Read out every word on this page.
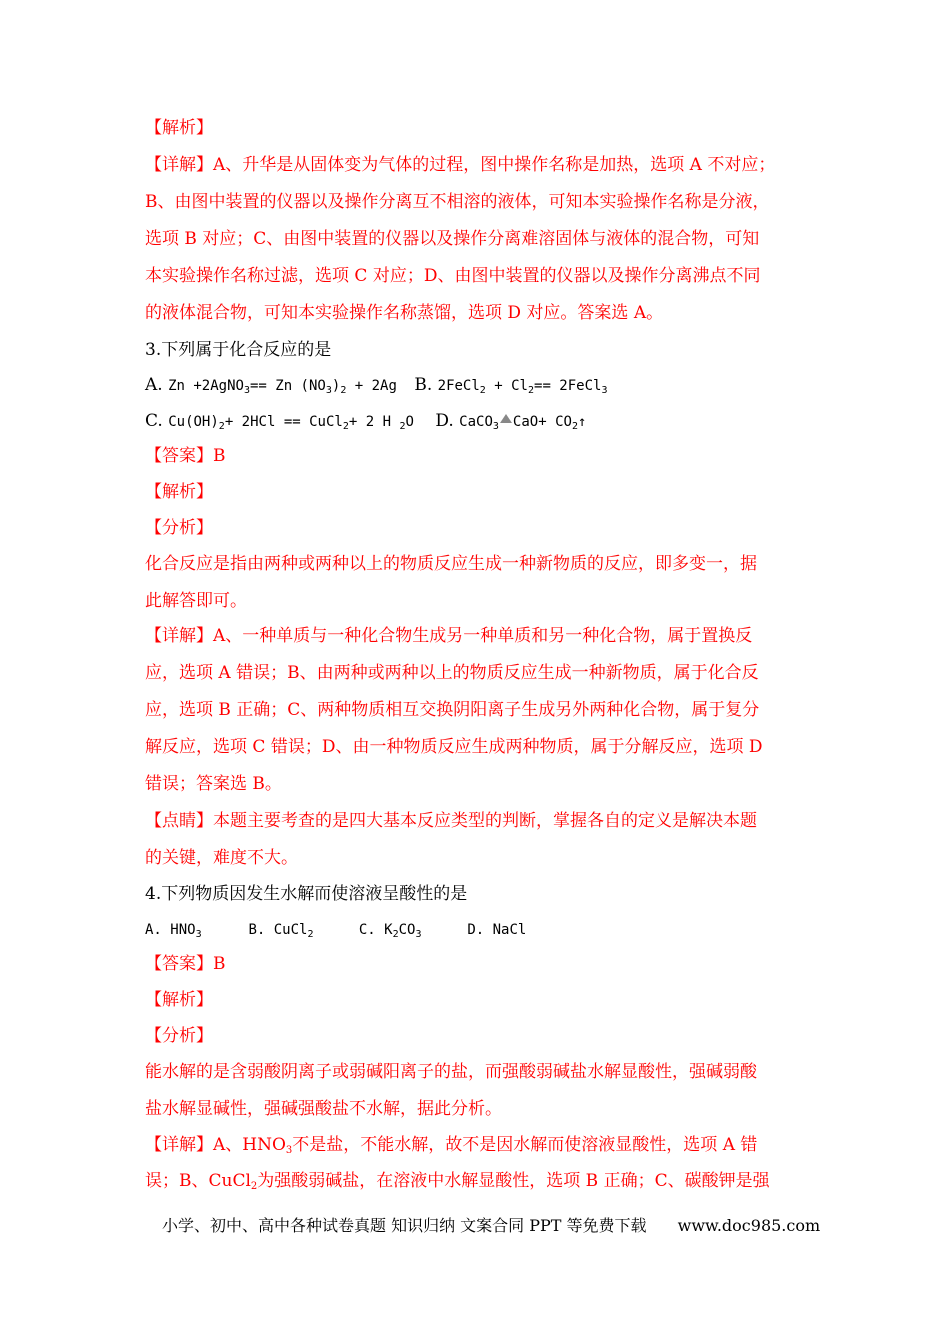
【解析】
【详解】A、升华是从固体变为气体的过程，图中操作名称是加热，选项 A 不对应；
B、由图中装置的仪器以及操作分离互不相溶的液体，可知本实验操作名称是分液，
选项 B 对应；C、由图中装置的仪器以及操作分离难溶固体与液体的混合物，可知
本实验操作名称过滤，选项 C 对应；D、由图中装置的仪器以及操作分离沸点不同
的液体混合物，可知本实验操作名称蒸馏，选项 D 对应。答案选 A。
3.下列属于化合反应的是
A. Zn +2AgNO$_3$== Zn $(NO_3)_2 + 2Ag$ B. 2FeCl$_2$ + $Cl_2==$ 2FeCl$_3$
C. $Cu(OH)_2+ 2HCl$ == CuCl$_2$+ 2 H $_2$O D. CaCO$_3$ $CaO+ CO_2↑$
【答案】B
【解析】
【分析】
化合反应是指由两种或两种以上的物质反应生成一种新物质的反应，即多变一，据
此解答即可。
【详解】A、一种单质与一种化合物生成另一种单质和另一种化合物，属于置换反
应，选项 A 错误；B、由两种或两种以上的物质反应生成一种新物质，属于化合反
应，选项 B 正确；C、两种物质相互交换阴阳离子生成另外两种化合物，属于复分
解反应，选项 C 错误；D、由一种物质反应生成两种物质，属于分解反应，选项 D
错误；答案选 B。
【点睛】本题主要考查的是四大基本反应类型的判断，掌握各自的定义是解决本题
的关键，难度不大。
4.下列物质因发生水解而使溶液呈酸性的是
A. $HNO_3$	B. CuCl$_2$	C. $K_2CO_3$	D. NaCl
【答案】B
【解析】
【分析】
能水解的是含弱酸阴离子或弱碱阳离子的盐，而强酸弱碱盐水解显酸性，强碱弱酸
盐水解显碱性，强碱强酸盐不水解，据此分析。
【详解】A、$HNO_3$不是盐，不能水解，故不是因水解而使溶液显酸性，选项 A 错
误；B、CuCl$_2$为强酸弱碱盐，在溶液中水解显酸性，选项 B 正确；C、碳酸钾是强
小学、初中、高中各种试卷真题 知识归纳 文案合同 PPT 等免费下载 www.doc985.com
